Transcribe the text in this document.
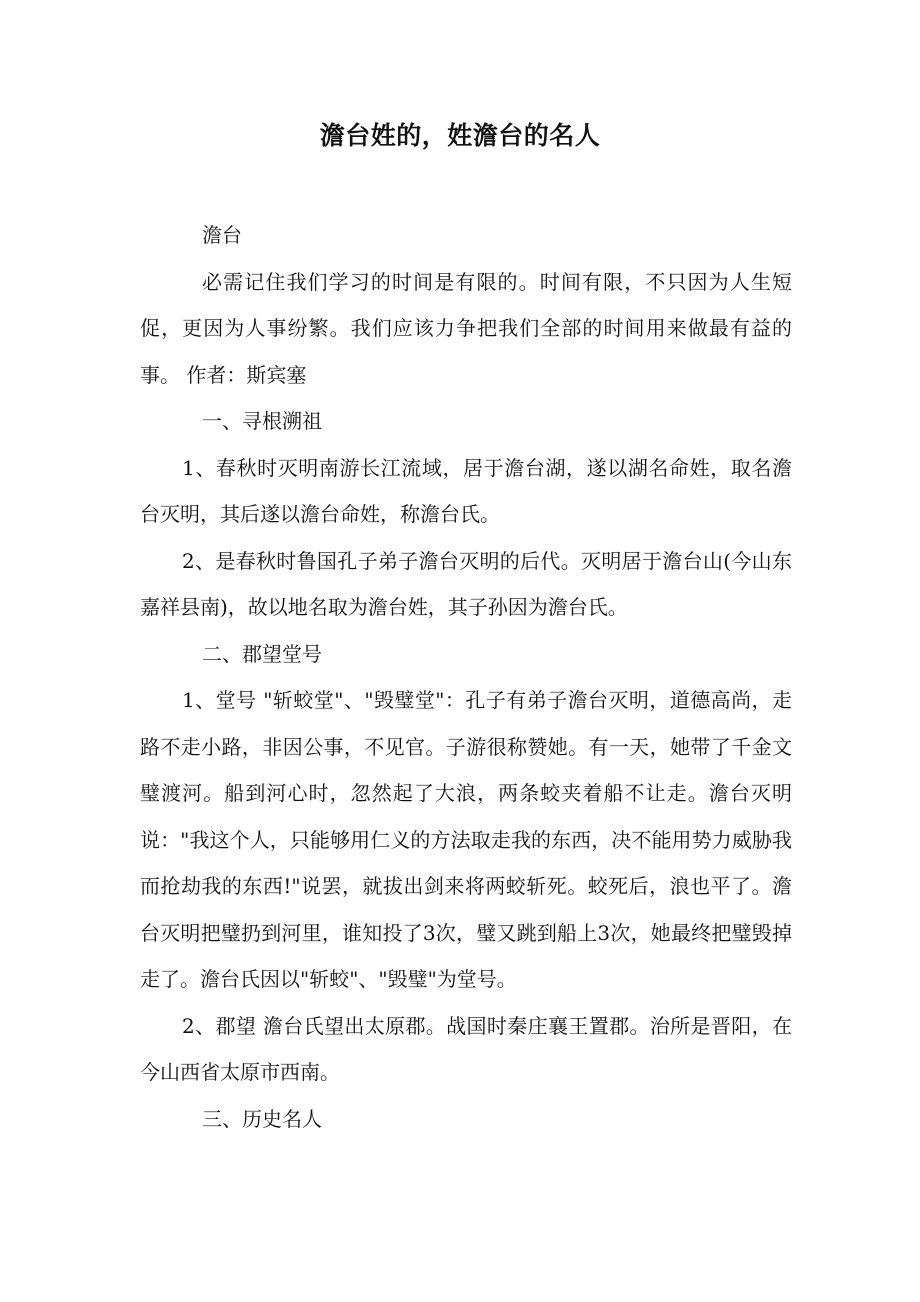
澹台姓的，姓澹台的名人

澹台

必需记住我们学习的时间是有限的。时间有限，不只因为人生短促，更因为人事纷繁。我们应该力争把我们全部的时间用来做最有益的事。 作者：斯宾塞

一、寻根溯祖

1、春秋时灭明南游长江流域，居于澹台湖，遂以湖名命姓，取名澹台灭明，其后遂以澹台命姓，称澹台氏。

2、是春秋时鲁国孔子弟子澹台灭明的后代。灭明居于澹台山(今山东嘉祥县南)，故以地名取为澹台姓，其子孙因为澹台氏。

二、郡望堂号

1、堂号 "斩蛟堂"、"毁璧堂"：孔子有弟子澹台灭明，道德高尚，走路不走小路，非因公事，不见官。子游很称赞她。有一天，她带了千金文璧渡河。船到河心时，忽然起了大浪，两条蛟夹着船不让走。澹台灭明说："我这个人，只能够用仁义的方法取走我的东西，决不能用势力威胁我而抢劫我的东西!"说罢，就拔出剑来将两蛟斩死。蛟死后，浪也平了。澹台灭明把璧扔到河里，谁知投了3次，璧又跳到船上3次，她最终把璧毁掉走了。澹台氏因以"斩蛟"、"毁璧"为堂号。

2、郡望 澹台氏望出太原郡。战国时秦庄襄王置郡。治所是晋阳，在今山西省太原市西南。

三、历史名人
